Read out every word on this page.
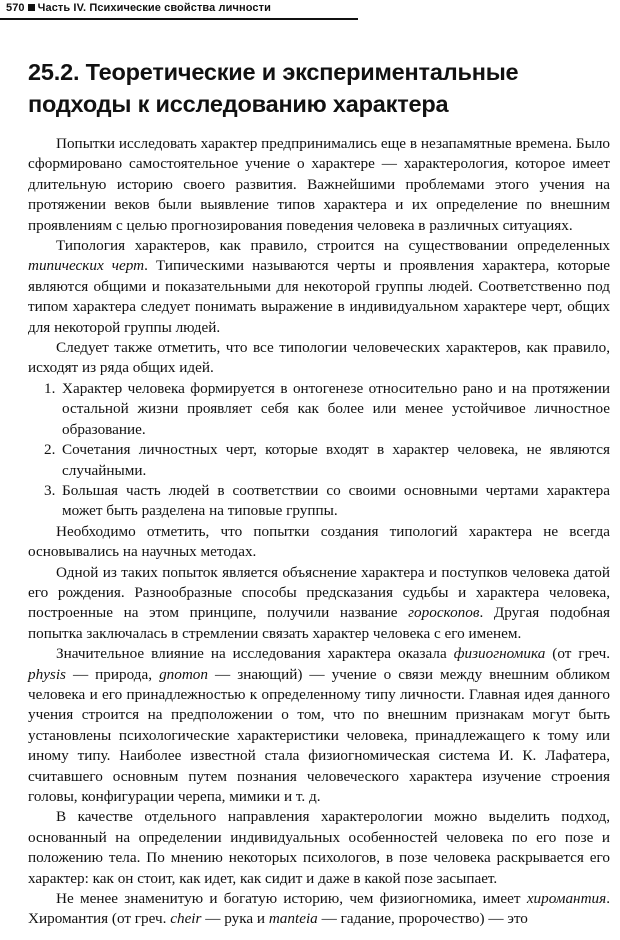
570 Часть IV. Психические свойства личности
25.2. Теоретические и экспериментальные
подходы к исследованию характера

Попытки исследовать характер предпринимались еще в незапамятные времена. Было сформировано самостоятельное учение о характере — характерология, которое имеет длительную историю своего развития. Важнейшими проблемами этого учения на протяжении веков были выявление типов характера и их определение по внешним проявлениям с целью прогнозирования поведения человека в различных ситуациях.

Типология характеров, как правило, строится на существовании определенных типических черт. Типическими называются черты и проявления характера, которые являются общими и показательными для некоторой группы людей. Соответственно под типом характера следует понимать выражение в индивидуальном характере черт, общих для некоторой группы людей.

Следует также отметить, что все типологии человеческих характеров, как правило, исходят из ряда общих идей.

1. Характер человека формируется в онтогенезе относительно рано и на протяжении остальной жизни проявляет себя как более или менее устойчивое личностное образование.
2. Сочетания личностных черт, которые входят в характер человека, не являются случайными.
3. Большая часть людей в соответствии со своими основными чертами характера может быть разделена на типовые группы.

Необходимо отметить, что попытки создания типологий характера не всегда основывались на научных методах.

Одной из таких попыток является объяснение характера и поступков человека датой его рождения. Разнообразные способы предсказания судьбы и характера человека, построенные на этом принципе, получили название гороскопов. Другая подобная попытка заключалась в стремлении связать характер человека с его именем.

Значительное влияние на исследования характера оказала физиогномика (от греч. physis — природа, gnomon — знающий) — учение о связи между внешним обликом человека и его принадлежностью к определенному типу личности. Главная идея данного учения строится на предположении о том, что по внешним признакам могут быть установлены психологические характеристики человека, принадлежащего к тому или иному типу. Наиболее известной стала физиогномическая система И. К. Лафатера, считавшего основным путем познания человеческого характера изучение строения головы, конфигурации черепа, мимики и т. д.

В качестве отдельного направления характерологии можно выделить подход, основанный на определении индивидуальных особенностей человека по его позе и положению тела. По мнению некоторых психологов, в позе человека раскрывается его характер: как он стоит, как идет, как сидит и даже в какой позе засыпает.

Не менее знаменитую и богатую историю, чем физиогномика, имеет хиромантия. Хиромантия (от греч. cheir — рука и manteia — гадание, пророчество) — это
